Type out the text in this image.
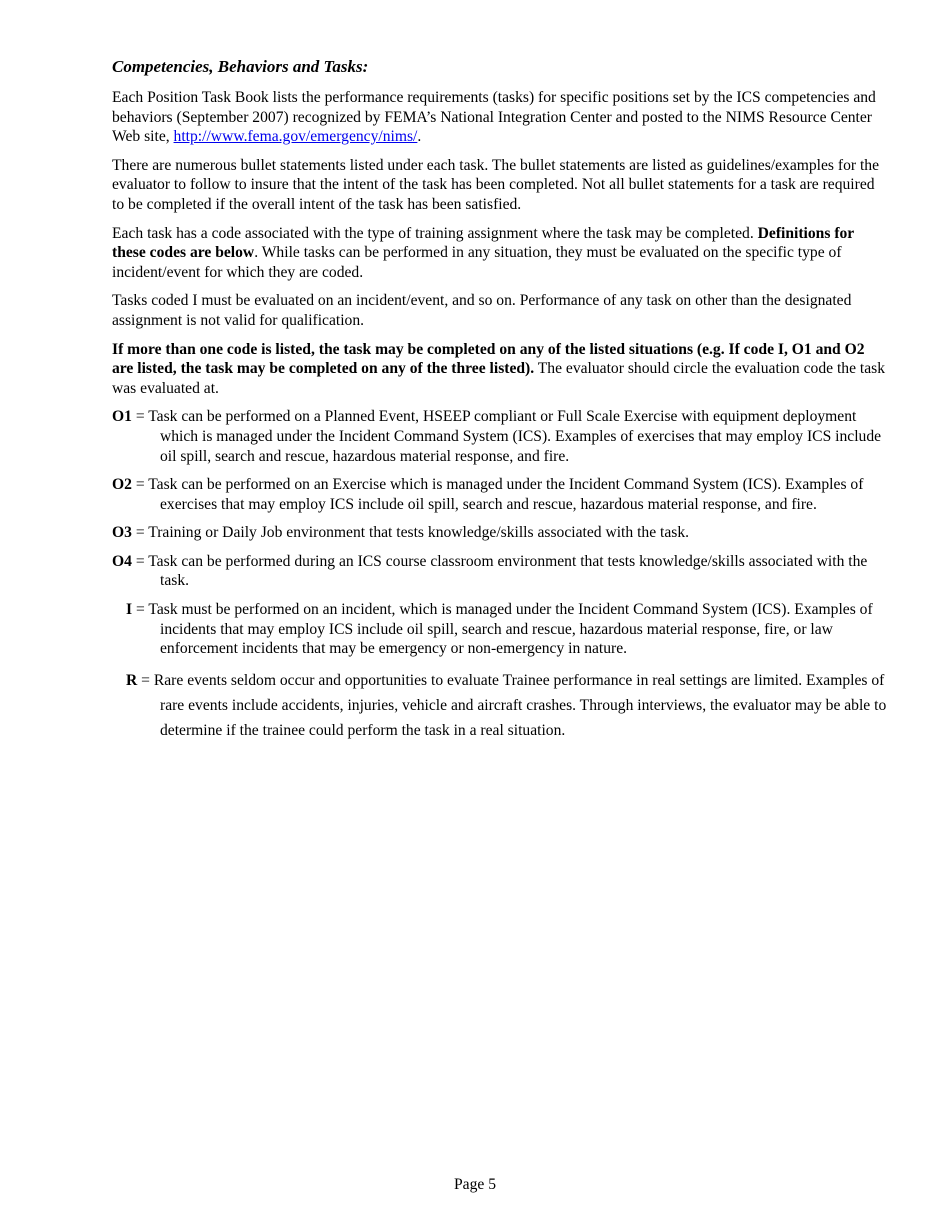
Competencies, Behaviors and Tasks:

Each Position Task Book lists the performance requirements (tasks) for specific positions set by the ICS competencies and behaviors (September 2007) recognized by FEMA’s National Integration Center and posted to the NIMS Resource Center Web site, http://www.fema.gov/emergency/nims/.

There are numerous bullet statements listed under each task. The bullet statements are listed as guidelines/examples for the evaluator to follow to insure that the intent of the task has been completed. Not all bullet statements for a task are required to be completed if the overall intent of the task has been satisfied.

Each task has a code associated with the type of training assignment where the task may be completed. Definitions for these codes are below. While tasks can be performed in any situation, they must be evaluated on the specific type of incident/event for which they are coded.

Tasks coded I must be evaluated on an incident/event, and so on. Performance of any task on other than the designated assignment is not valid for qualification.

If more than one code is listed, the task may be completed on any of the listed situations (e.g. If code I, O1 and O2 are listed, the task may be completed on any of the three listed). The evaluator should circle the evaluation code the task was evaluated at.

O1 = Task can be performed on a Planned Event, HSEEP compliant or Full Scale Exercise with equipment deployment which is managed under the Incident Command System (ICS). Examples of exercises that may employ ICS include oil spill, search and rescue, hazardous material response, and fire.
O2 = Task can be performed on an Exercise which is managed under the Incident Command System (ICS). Examples of exercises that may employ ICS include oil spill, search and rescue, hazardous material response, and fire.
O3 = Training or Daily Job environment that tests knowledge/skills associated with the task.
O4 = Task can be performed during an ICS course classroom environment that tests knowledge/skills associated with the task.
I = Task must be performed on an incident, which is managed under the Incident Command System (ICS). Examples of incidents that may employ ICS include oil spill, search and rescue, hazardous material response, fire, or law enforcement incidents that may be emergency or non-emergency in nature.
R = Rare events seldom occur and opportunities to evaluate Trainee performance in real settings are limited. Examples of rare events include accidents, injuries, vehicle and aircraft crashes. Through interviews, the evaluator may be able to determine if the trainee could perform the task in a real situation.
Page 5
